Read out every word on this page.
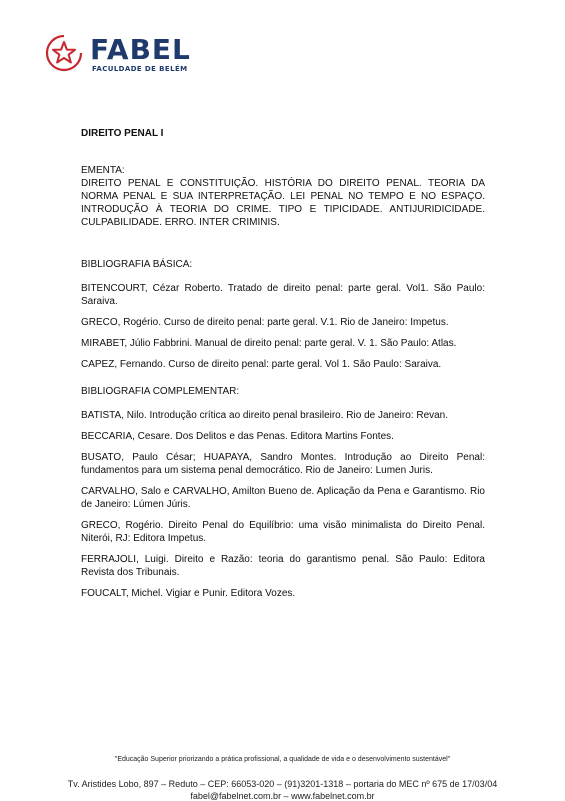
FABEL
FACULDADE DE BELÉM

DIREITO PENAL I

EMENTA:

DIREITO PENAL E CONSTITUIÇÃO. HISTÓRIA DO DIREITO PENAL. TEORIA DA NORMA PENAL E SUA INTERPRETAÇÃO. LEI PENAL NO TEMPO E NO ESPAÇO. INTRODUÇÃO À TEORIA DO CRIME. TIPO E TIPICIDADE. ANTIJURIDICIDADE. CULPABILIDADE. ERRO. INTER CRIMINIS.

BIBLIOGRAFIA BÁSICA:

BITENCOURT, Cézar Roberto. Tratado de direito penal: parte geral. Vol1. São Paulo: Saraiva.

GRECO, Rogério. Curso de direito penal: parte geral. V.1. Rio de Janeiro: Impetus.

MIRABET, Júlio Fabbrini. Manual de direito penal: parte geral. V. 1. São Paulo: Atlas.

CAPEZ, Fernando. Curso de direito penal: parte geral. Vol 1. São Paulo: Saraiva.

BIBLIOGRAFIA COMPLEMENTAR:

BATISTA, Nilo. Introdução crítica ao direito penal brasileiro. Rio de Janeiro: Revan.

BECCARIA, Cesare. Dos Delitos e das Penas. Editora Martins Fontes.

BUSATO, Paulo César; HUAPAYA, Sandro Montes. Introdução ao Direito Penal: fundamentos para um sistema penal democrático. Rio de Janeiro: Lumen Juris.

CARVALHO, Salo e CARVALHO, Amilton Bueno de. Aplicação da Pena e Garantismo. Rio de Janeiro: Lúmen Júris.

GRECO, Rogério. Direito Penal do Equilíbrio: uma visão minimalista do Direito Penal. Niterói, RJ: Editora Impetus.

FERRAJOLI, Luigi. Direito e Razão: teoria do garantismo penal. São Paulo: Editora Revista dos Tribunais.

FOUCALT, Michel. Vigiar e Punir. Editora Vozes.

"Educação Superior priorizando a prática profissional, a qualidade de vida e o desenvolvimento sustentável"
Tv. Aristides Lobo, 897 – Reduto – CEP: 66053-020 – (91)3201-1318 – portaria do MEC nº 675 de 17/03/04
fabel@fabelnet.com.br – www.fabelnet.com.br
